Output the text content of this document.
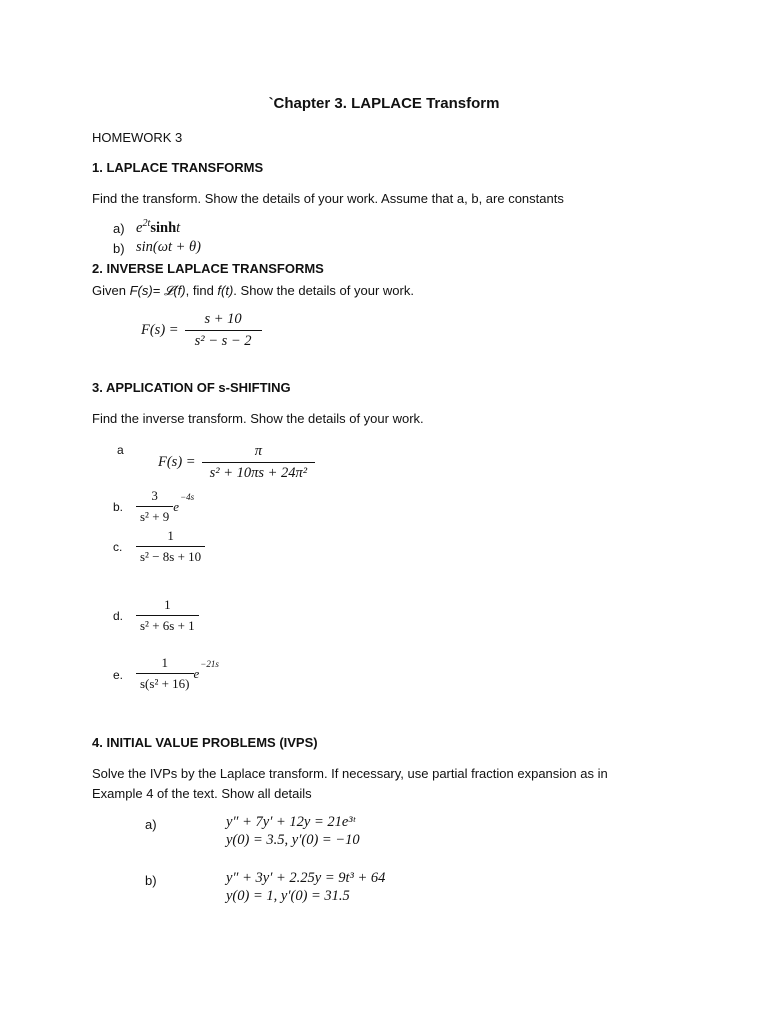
`Chapter 3. LAPLACE Transform
HOMEWORK 3
1. LAPLACE TRANSFORMS
Find the transform. Show the details of your work. Assume that a, b, are constants
a) $e^{2t}\sinh t$
b) sin(ωt + θ)
2. INVERSE LAPLACE TRANSFORMS
Given F(s)= 𝓛(f), find f(t). Show the details of your work.
$F(s) = \frac{s + 10}{\text{s² − s − 2}}$
3. APPLICATION OF s-SHIFTING
Find the inverse transform. Show the details of your work.
a
$F(s) = \frac{\pi}{\text{s² + 10πs + 24π²}}$
b. $\frac{3}{\text{s² + 9}}$ e
−4s
c. $\frac{1}{\text{s² − 8s + 10}}$
d. $\frac{1}{\text{s² + 6s + 1}}$
e. $\frac{1}{\text{s(s² + 16)}}$ e
−21s
4. INITIAL VALUE PROBLEMS (IVPS)
Solve the IVPs by the Laplace transform. If necessary, use partial fraction expansion as in
Example 4 of the text. Show all details
a)	y″ + 7y′ + 12y = 21e³ᵗ
y(0) = 3.5, y′(0) = −10
b)	y″ + 3y′ + 2.25y = 9t³ + 64
y(0) = 1, y′(0) = 31.5
